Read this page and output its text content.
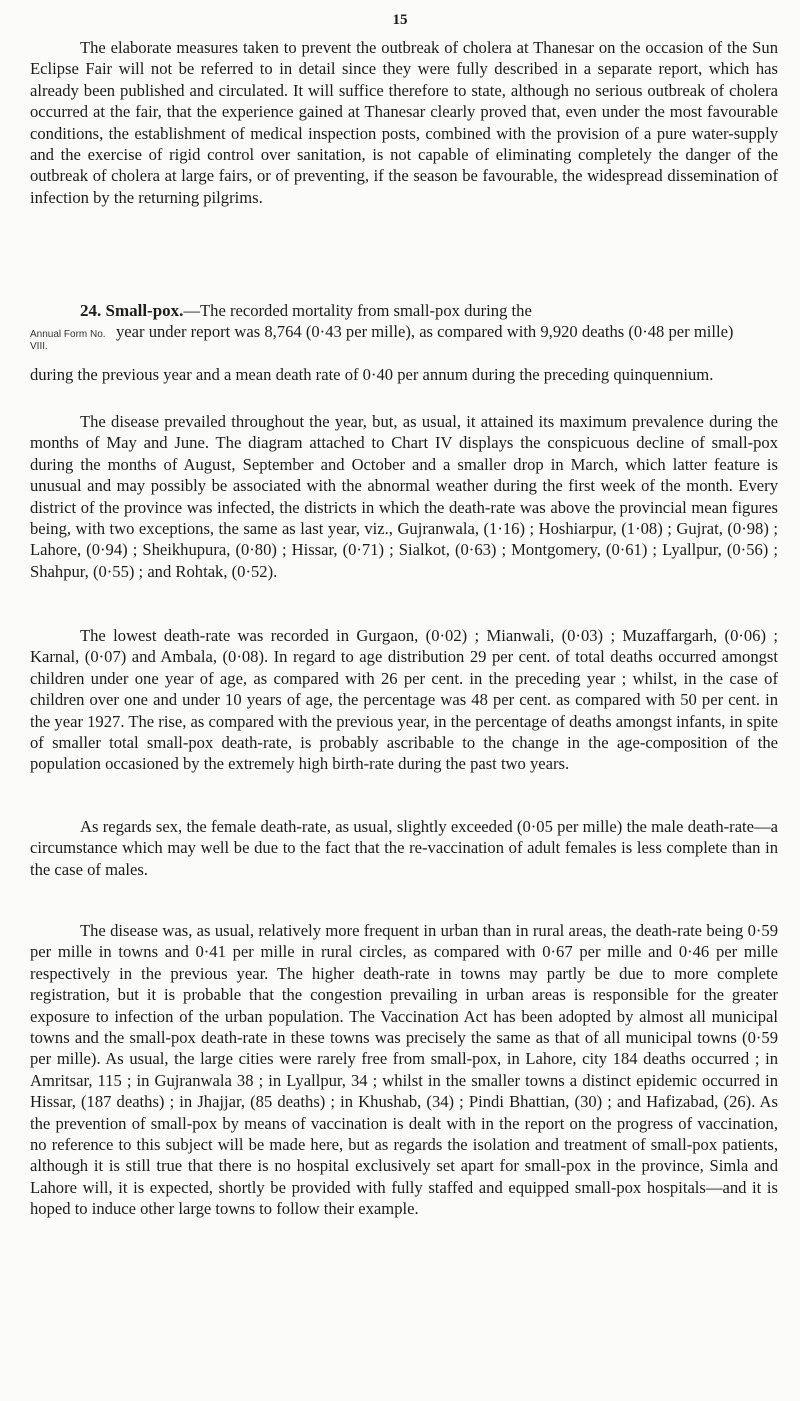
15

The elaborate measures taken to prevent the outbreak of cholera at Thanesar on the occasion of the Sun Eclipse Fair will not be referred to in detail since they were fully described in a separate report, which has already been published and circulated. It will suffice therefore to state, although no serious outbreak of cholera occurred at the fair, that the experience gained at Thanesar clearly proved that, even under the most favourable conditions, the establishment of medical inspection posts, combined with the provision of a pure water-supply and the exercise of rigid control over sanitation, is not capable of eliminating completely the danger of the outbreak of cholera at large fairs, or of preventing, if the season be favourable, the widespread dissemination of infection by the returning pilgrims.

24. Small-pox.—The recorded mortality from small-pox during the
Annual Form No. VIII.
year under report was 8,764 (0·43 per mille), as compared with 9,920 deaths (0·48 per mille)
during the previous year and a mean death rate of 0·40 per annum during the preceding quinquennium.

The disease prevailed throughout the year, but, as usual, it attained its maximum prevalence during the months of May and June. The diagram attached to Chart IV displays the conspicuous decline of small-pox during the months of August, September and October and a smaller drop in March, which latter feature is unusual and may possibly be associated with the abnormal weather during the first week of the month. Every district of the province was infected, the districts in which the death-rate was above the provincial mean figures being, with two exceptions, the same as last year, viz., Gujranwala, (1·16) ; Hoshiarpur, (1·08) ; Gujrat, (0·98) ; Lahore, (0·94) ; Sheikhupura, (0·80) ; Hissar, (0·71) ; Sialkot, (0·63) ; Montgomery, (0·61) ; Lyallpur, (0·56) ; Shahpur, (0·55) ; and Rohtak, (0·52).

The lowest death-rate was recorded in Gurgaon, (0·02) ; Mianwali, (0·03) ; Muzaffargarh, (0·06) ; Karnal, (0·07) and Ambala, (0·08). In regard to age distribution 29 per cent. of total deaths occurred amongst children under one year of age, as compared with 26 per cent. in the preceding year ; whilst, in the case of children over one and under 10 years of age, the percentage was 48 per cent. as compared with 50 per cent. in the year 1927. The rise, as compared with the previous year, in the percentage of deaths amongst infants, in spite of smaller total small-pox death-rate, is probably ascribable to the change in the age-composition of the population occasioned by the extremely high birth-rate during the past two years.

As regards sex, the female death-rate, as usual, slightly exceeded (0·05 per mille) the male death-rate—a circumstance which may well be due to the fact that the re-vaccination of adult females is less complete than in the case of males.

The disease was, as usual, relatively more frequent in urban than in rural areas, the death-rate being 0·59 per mille in towns and 0·41 per mille in rural circles, as compared with 0·67 per mille and 0·46 per mille respectively in the previous year. The higher death-rate in towns may partly be due to more complete registration, but it is probable that the congestion prevailing in urban areas is responsible for the greater exposure to infection of the urban population. The Vaccination Act has been adopted by almost all municipal towns and the small-pox death-rate in these towns was precisely the same as that of all municipal towns (0·59 per mille). As usual, the large cities were rarely free from small-pox, in Lahore, city 184 deaths occurred ; in Amritsar, 115 ; in Gujranwala 38 ; in Lyallpur, 34 ; whilst in the smaller towns a distinct epidemic occurred in Hissar, (187 deaths) ; in Jhajjar, (85 deaths) ; in Khushab, (34) ; Pindi Bhattian, (30) ; and Hafizabad, (26). As the prevention of small-pox by means of vaccination is dealt with in the report on the progress of vaccination, no reference to this subject will be made here, but as regards the isolation and treatment of small-pox patients, although it is still true that there is no hospital exclusively set apart for small-pox in the province, Simla and Lahore will, it is expected, shortly be provided with fully staffed and equipped small-pox hospitals—and it is hoped to induce other large towns to follow their example.
